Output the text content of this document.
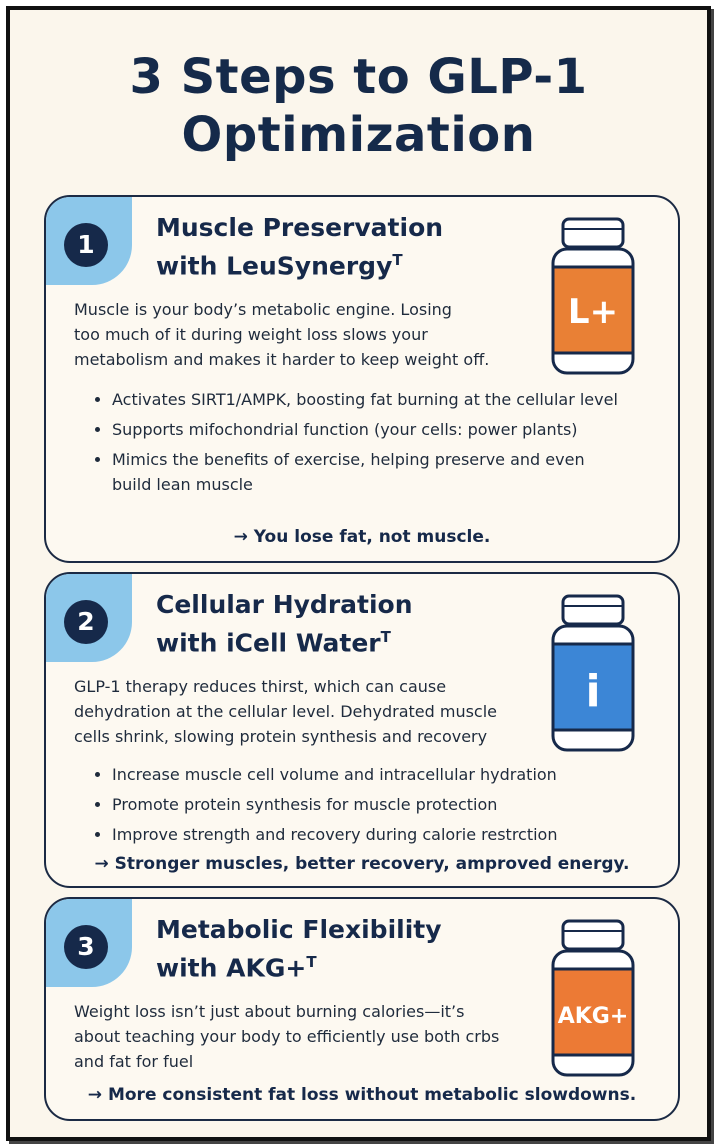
3 Steps to GLP-1
Optimization
1
Muscle Preservation
with LeuSynergy$^T$
L+
Muscle is your body’s metabolic engine. Losing
too much of it during weight loss slows your
metabolism and makes it harder to keep weight off.
• Activates SIRT1/AMPK, boosting fat burning at the cellular level
• Supports mifochondrial function (your cells: power plants)
• Mimics the benefits of exercise, helping preserve and even build lean muscle
→ You lose fat, not muscle.
2
Cellular Hydration
with iCell Water$^T$
i
GLP-1 therapy reduces thirst, which can cause
dehydration at the cellular level. Dehydrated muscle
cells shrink, slowing protein synthesis and recovery
• Increase muscle cell volume and intracellular hydration
• Promote protein synthesis for muscle protection
• Improve strength and recovery during calorie restrction
→ Stronger muscles, better recovery, amproved energy.
3
Metabolic Flexibility
with AKG+$^T$
AKG+
Weight loss isn’t just about burning calories—it’s
about teaching your body to efficiently use both crbs
and fat for fuel
→ More consistent fat loss without metabolic slowdowns.
